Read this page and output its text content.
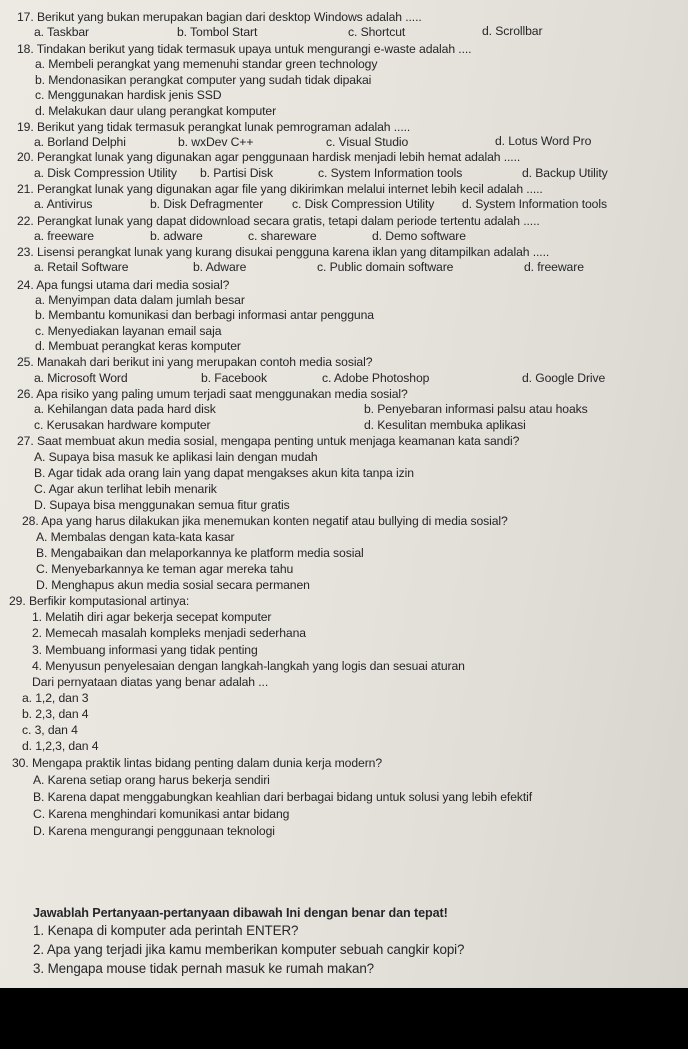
17. Berikut yang bukan merupakan bagian dari desktop Windows adalah .....
a. Taskbar	b. Tombol Start	c. Shortcut	d. Scrollbar
18. Tindakan berikut yang tidak termasuk upaya untuk mengurangi e-waste adalah ....
a. Membeli perangkat yang memenuhi standar green technology
b. Mendonasikan perangkat computer yang sudah tidak dipakai
c. Menggunakan hardisk jenis SSD
d. Melakukan daur ulang perangkat komputer
19. Berikut yang tidak termasuk perangkat lunak pemrograman adalah .....
a. Borland Delphi	b. wxDev C++	c. Visual Studio	d. Lotus Word Pro
20. Perangkat lunak yang digunakan agar penggunaan hardisk menjadi lebih hemat adalah .....
a. Disk Compression Utility b. Partisi Disk	c. System Information tools	d. Backup Utility
21. Perangkat lunak yang digunakan agar file yang dikirimkan melalui internet lebih kecil adalah .....
a. Antivirus	b. Disk Defragmenter c. Disk Compression Utility d. System Information tools
22. Perangkat lunak yang dapat didownload secara gratis, tetapi dalam periode tertentu adalah .....
a. freeware	b. adware	c. shareware	d. Demo software
23. Lisensi perangkat lunak yang kurang disukai pengguna karena iklan yang ditampilkan adalah .....
a. Retail Software	b. Adware	c. Public domain software	d. freeware
24. Apa fungsi utama dari media sosial?
a. Menyimpan data dalam jumlah besar
b. Membantu komunikasi dan berbagi informasi antar pengguna
c. Menyediakan layanan email saja
d. Membuat perangkat keras komputer
25. Manakah dari berikut ini yang merupakan contoh media sosial?
a. Microsoft Word	b. Facebook	c. Adobe Photoshop	d. Google Drive
26. Apa risiko yang paling umum terjadi saat menggunakan media sosial?
a. Kehilangan data pada hard disk	b. Penyebaran informasi palsu atau hoaks
c. Kerusakan hardware komputer	d. Kesulitan membuka aplikasi
27. Saat membuat akun media sosial, mengapa penting untuk menjaga keamanan kata sandi?
A. Supaya bisa masuk ke aplikasi lain dengan mudah
B. Agar tidak ada orang lain yang dapat mengakses akun kita tanpa izin
C. Agar akun terlihat lebih menarik
D. Supaya bisa menggunakan semua fitur gratis
28. Apa yang harus dilakukan jika menemukan konten negatif atau bullying di media sosial?
A. Membalas dengan kata-kata kasar
B. Mengabaikan dan melaporkannya ke platform media sosial
C. Menyebarkannya ke teman agar mereka tahu
D. Menghapus akun media sosial secara permanen
29. Berfikir komputasional artinya:
1. Melatih diri agar bekerja secepat komputer
2. Memecah masalah kompleks menjadi sederhana
3. Membuang informasi yang tidak penting
4. Menyusun penyelesaian dengan langkah-langkah yang logis dan sesuai aturan
Dari pernyataan diatas yang benar adalah ...
a. 1,2, dan 3
b. 2,3, dan 4
c. 3, dan 4
d. 1,2,3, dan 4
30. Mengapa praktik lintas bidang penting dalam dunia kerja modern?
A. Karena setiap orang harus bekerja sendiri
B. Karena dapat menggabungkan keahlian dari berbagai bidang untuk solusi yang lebih efektif
C. Karena menghindari komunikasi antar bidang
D. Karena mengurangi penggunaan teknologi
Jawablah Pertanyaan-pertanyaan dibawah Ini dengan benar dan tepat!
1. Kenapa di komputer ada perintah ENTER?
2. Apa yang terjadi jika kamu memberikan komputer sebuah cangkir kopi?
3. Mengapa mouse tidak pernah masuk ke rumah makan?
